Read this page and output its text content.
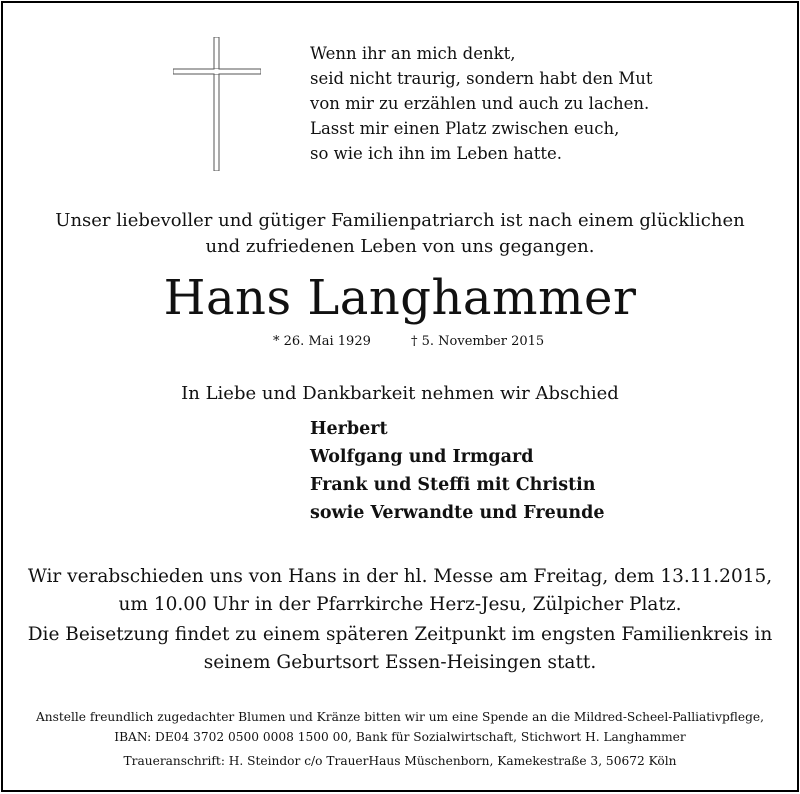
Wenn ihr an mich denkt,
seid nicht traurig, sondern habt den Mut
von mir zu erzählen und auch zu lachen.
Lasst mir einen Platz zwischen euch,
so wie ich ihn im Leben hatte.
Unser liebevoller und gütiger Familienpatriarch ist nach einem glücklichen
und zufriedenen Leben von uns gegangen.
Hans Langhammer
* 26. Mai 1929	† 5. November 2015
In Liebe und Dankbarkeit nehmen wir Abschied
Herbert
Wolfgang und Irmgard
Frank und Steffi mit Christin
sowie Verwandte und Freunde
Wir verabschieden uns von Hans in der hl. Messe am Freitag, dem 13.11.2015,
um 10.00 Uhr in der Pfarrkirche Herz-Jesu, Zülpicher Platz.
Die Beisetzung findet zu einem späteren Zeitpunkt im engsten Familienkreis in
seinem Geburtsort Essen-Heisingen statt.
Anstelle freundlich zugedachter Blumen und Kränze bitten wir um eine Spende an die Mildred-Scheel-Palliativpflege,
IBAN: DE04 3702 0500 0008 1500 00, Bank für Sozialwirtschaft, Stichwort H. Langhammer
Traueranschrift: H. Steindor c/o TrauerHaus Müschenborn, Kamekestraße 3, 50672 Köln
